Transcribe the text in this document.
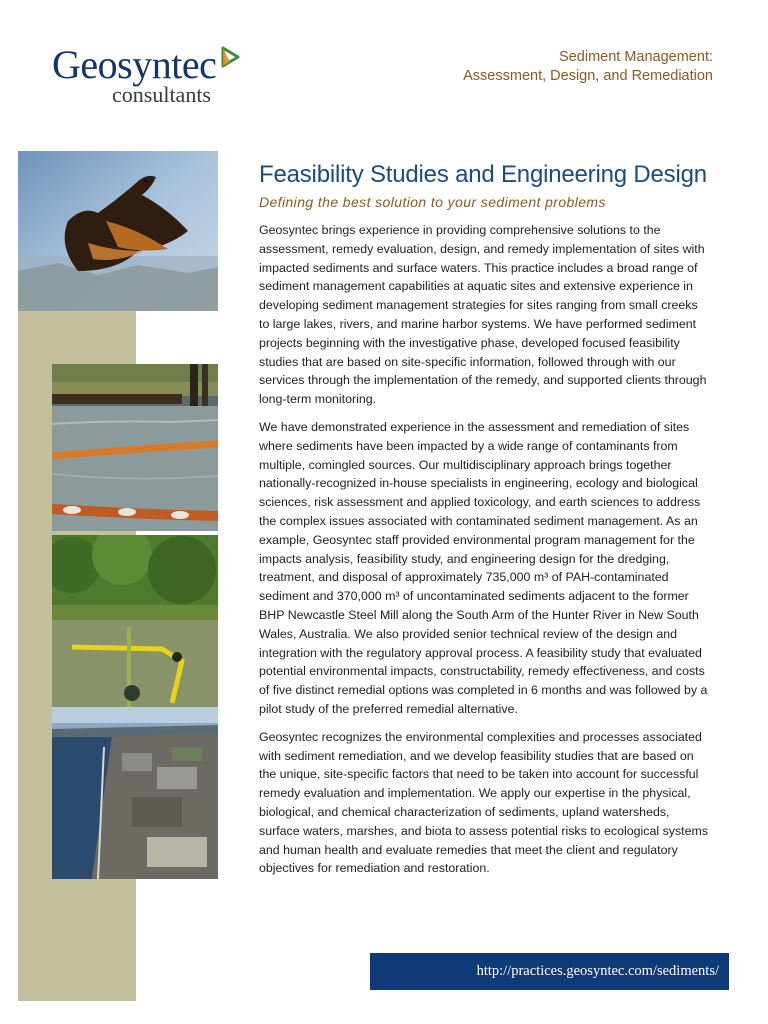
Geosyntec
consultants
Sediment Management:
Assessment, Design, and Remediation
Feasibility Studies and Engineering Design
Defining the best solution to your sediment problems

Geosyntec brings experience in providing comprehensive solutions to the assessment, remedy evaluation, design, and remedy implementation of sites with impacted sediments and surface waters. This practice includes a broad range of sediment management capabilities at aquatic sites and extensive experience in developing sediment management strategies for sites ranging from small creeks to large lakes, rivers, and marine harbor systems. We have performed sediment projects beginning with the investigative phase, developed focused feasibility studies that are based on site-specific information, followed through with our services through the implementation of the remedy, and supported clients through long-term monitoring.

We have demonstrated experience in the assessment and remediation of sites where sediments have been impacted by a wide range of contaminants from multiple, comingled sources. Our multidisciplinary approach brings together nationally-recognized in-house specialists in engineering, ecology and biological sciences, risk assessment and applied toxicology, and earth sciences to address the complex issues associated with contaminated sediment management. As an example, Geosyntec staff provided environmental program management for the impacts analysis, feasibility study, and engineering design for the dredging, treatment, and disposal of approximately 735,000 m³ of PAH-contaminated sediment and 370,000 m³ of uncontaminated sediments adjacent to the former BHP Newcastle Steel Mill along the South Arm of the Hunter River in New South Wales, Australia. We also provided senior technical review of the design and integration with the regulatory approval process. A feasibility study that evaluated potential environmental impacts, constructability, remedy effectiveness, and costs of five distinct remedial options was completed in 6 months and was followed by a pilot study of the preferred remedial alternative.

Geosyntec recognizes the environmental complexities and processes associated with sediment remediation, and we develop feasibility studies that are based on the unique, site-specific factors that need to be taken into account for successful remedy evaluation and implementation. We apply our expertise in the physical, biological, and chemical characterization of sediments, upland watersheds, surface waters, marshes, and biota to assess potential risks to ecological systems and human health and evaluate remedies that meet the client and regulatory objectives for remediation and restoration.

http://practices.geosyntec.com/sediments/
